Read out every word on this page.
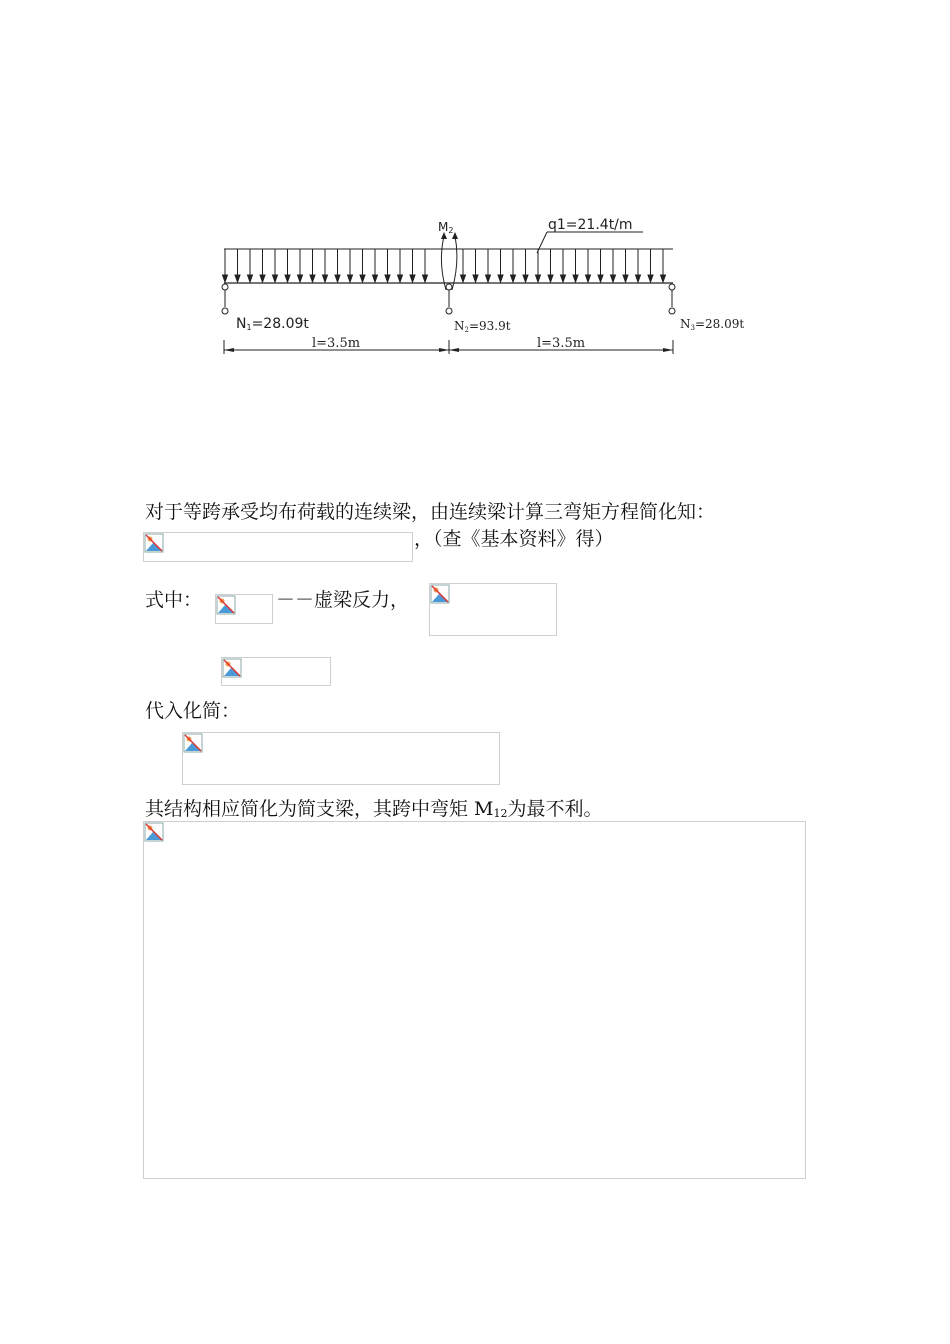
M2	q1=21.4t/m
N1=28.09t	N2=93.9t	N3=28.09t
l=3.5m	l=3.5m
对于等跨承受均布荷载的连续梁，由连续梁计算三弯矩方程简化知：
，（查《基本资料》得）
式中：	－－虚梁反力，
代入化简：
其结构相应简化为简支梁，其跨中弯矩 $M_{12}$为最不利。
